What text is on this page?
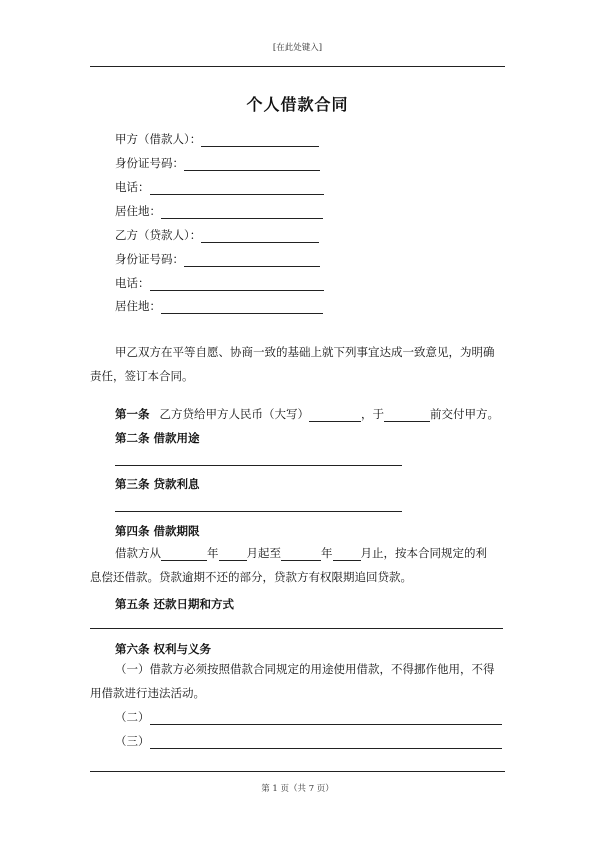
[在此处键入]
个人借款合同
甲方（借款人）：
身份证号码：
电话：
居住地：
乙方（贷款人）：
身份证号码：
电话：
居住地：
甲乙双方在平等自愿、协商一致的基础上就下列事宜达成一致意见，为明确责任，签订本合同。
第一条 乙方贷给甲方人民币（大写）	，于	前交付甲方。
第二条 借款用途
第三条 贷款利息
第四条 借款期限
借款方从	年 月起至	年 月止，按本合同规定的利
息偿还借款。贷款逾期不还的部分，贷款方有权限期追回贷款。
第五条 还款日期和方式
第六条 权利与义务
（一）借款方必须按照借款合同规定的用途使用借款，不得挪作他用，不得用借款进行违法活动。
（二）
（三）
第 1 页（共 7 页）
